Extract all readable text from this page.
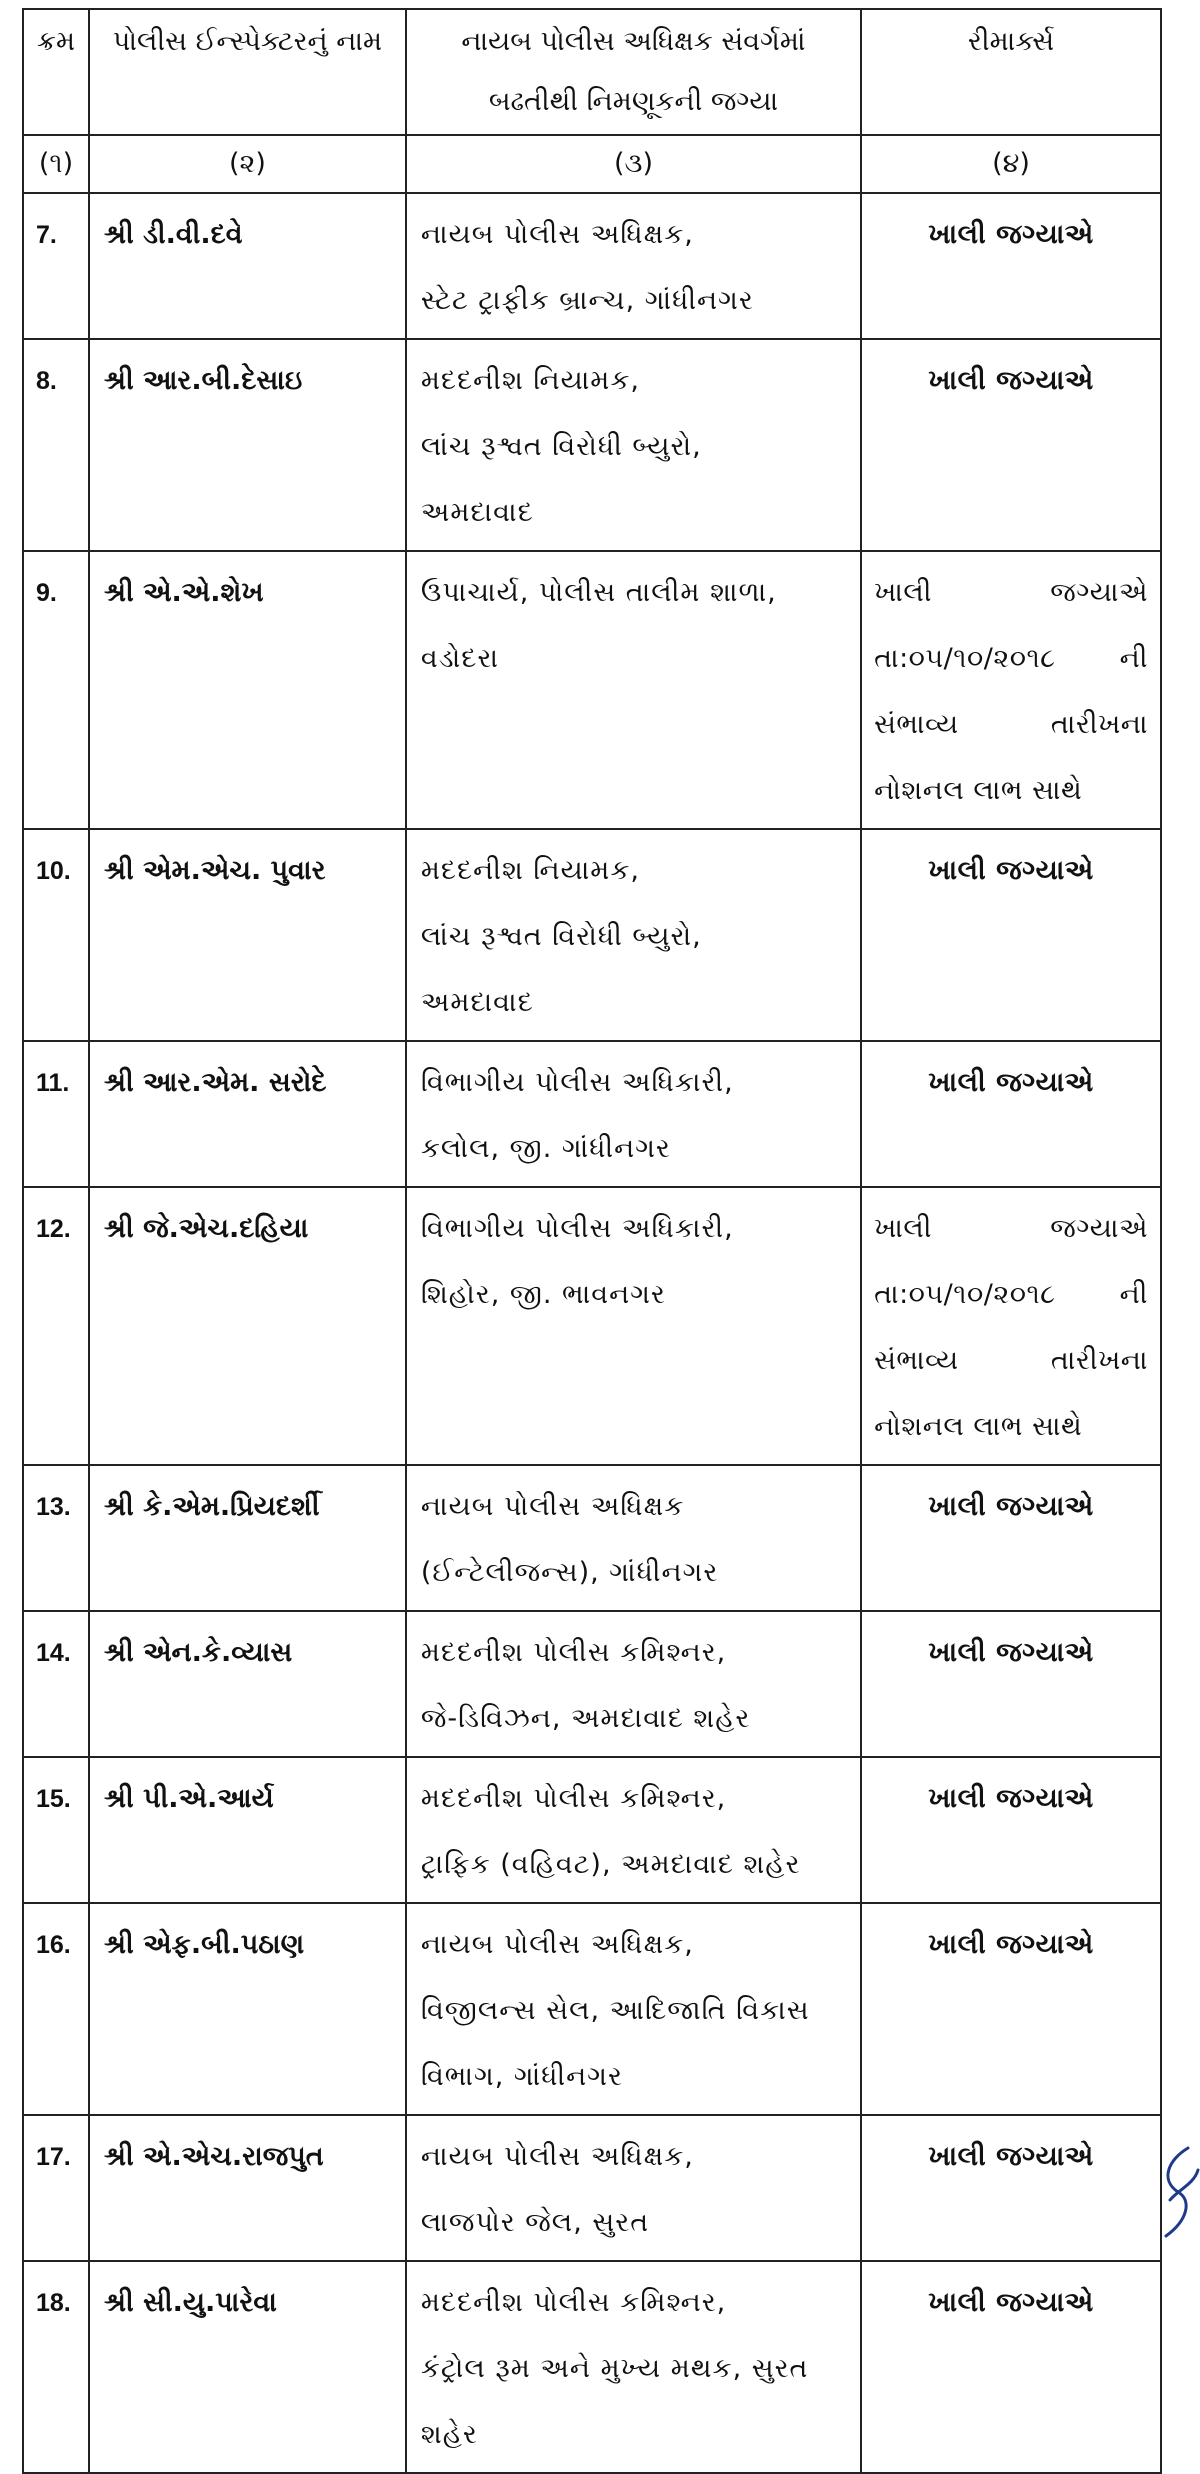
ક્રમ	પોલીસ ઈન્સ્પેક્ટરનું નામ	નાયબ પોલીસ અધિક્ષક સંવર્ગમાં બઢતીથી નિમણૂકની જગ્યા	રીમાર્ક્સ
(૧)	(૨)	(૩)	(૪)
7.	શ્રી ડી.વી.દવે	નાયબ પોલીસ અધિક્ષક,
સ્ટેટ ટ્રાફીક બ્રાન્ચ, ગાંધીનગર	ખાલી જગ્યાએ
8.	શ્રી આર.બી.દેસાઇ	મદદનીશ નિયામક,
લાંચ રૂશ્વત વિરોધી બ્યુરો,
અમદાવાદ	ખાલી જગ્યાએ
9.	શ્રી એ.એ.શેખ	ઉપાચાર્ય, પોલીસ તાલીમ શાળા,
વડોદરા	ખાલી જગ્યાએ તા:૦૫/૧૦/૨૦૧૮ ની સંભાવ્ય તારીખના નોશનલ લાભ સાથે
10.	શ્રી એમ.એચ. પુવાર	મદદનીશ નિયામક,
લાંચ રૂશ્વત વિરોધી બ્યુરો,
અમદાવાદ	ખાલી જગ્યાએ
11.	શ્રી આર.એમ. સરોદે	વિભાગીય પોલીસ અધિકારી,
કલોલ, જી. ગાંધીનગર	ખાલી જગ્યાએ
12.	શ્રી જે.એચ.દહિયા	વિભાગીય પોલીસ અધિકારી,
શિહોર, જી. ભાવનગર	ખાલી જગ્યાએ તા:૦૫/૧૦/૨૦૧૮ ની સંભાવ્ય તારીખના નોશનલ લાભ સાથે
13.	શ્રી કે.એમ.પ્રિયદર્શી	નાયબ પોલીસ અધિક્ષક
(ઈન્ટેલીજન્સ), ગાંધીનગર	ખાલી જગ્યાએ
14.	શ્રી એન.કે.વ્યાસ	મદદનીશ પોલીસ કમિશ્નર,
જે-ડિવિઝન, અમદાવાદ શહેર	ખાલી જગ્યાએ
15.	શ્રી પી.એ.આર્ય	મદદનીશ પોલીસ કમિશ્નર,
ટ્રાફિક (વહિવટ), અમદાવાદ શહેર	ખાલી જગ્યાએ
16.	શ્રી એફ.બી.પઠાણ	નાયબ પોલીસ અધિક્ષક,
વિજીલન્સ સેલ, આદિજાતિ વિકાસ
વિભાગ, ગાંધીનગર	ખાલી જગ્યાએ
17.	શ્રી એ.એચ.રાજપુત	નાયબ પોલીસ અધિક્ષક,
લાજપોર જેલ, સુરત	ખાલી જગ્યાએ
18.	શ્રી સી.યુ.પારેવા	મદદનીશ પોલીસ કમિશ્નર,
કંટ્રોલ રૂમ અને મુખ્ય મથક, સુરત
શહેર	ખાલી જગ્યાએ
